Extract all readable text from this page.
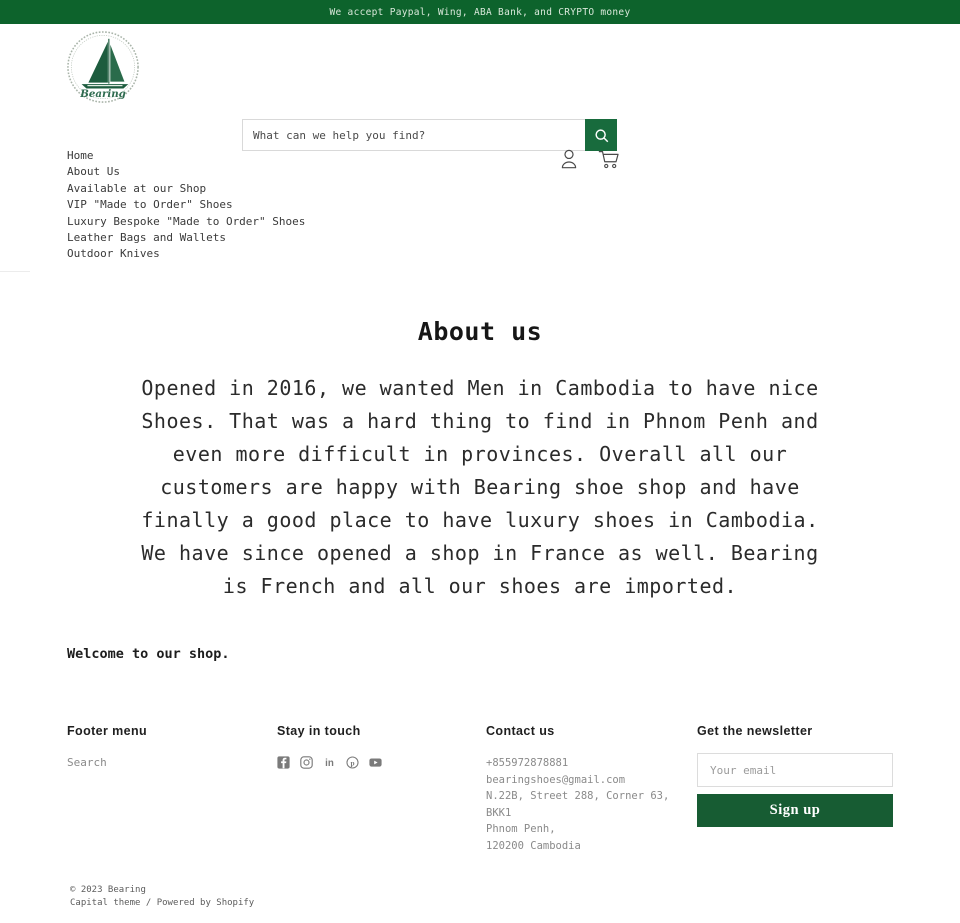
We accept Paypal, Wing, ABA Bank, and CRYPTO money
Bearing
What can we help you find?
Home
About Us
Available at our Shop
VIP "Made to Order" Shoes
Luxury Bespoke "Made to Order" Shoes
Leather Bags and Wallets
Outdoor Knives
About us

Opened in 2016, we wanted Men in Cambodia to have nice Shoes. That was a hard thing to find in Phnom Penh and even more difficult in provinces. Overall all our customers are happy with Bearing shoe shop and have finally a good place to have luxury shoes in Cambodia. We have since opened a shop in France as well. Bearing is French and all our shoes are imported.

Welcome to our shop.

Footer menu
Search
Stay in touch
in p
Contact us
+855972878881
bearingshoes@gmail.com
N.22B, Street 288, Corner 63,
BKK1
Phnom Penh,
120200 Cambodia
Get the newsletter
Your email Sign up
© 2023 Bearing
Capital theme / Powered by Shopify
